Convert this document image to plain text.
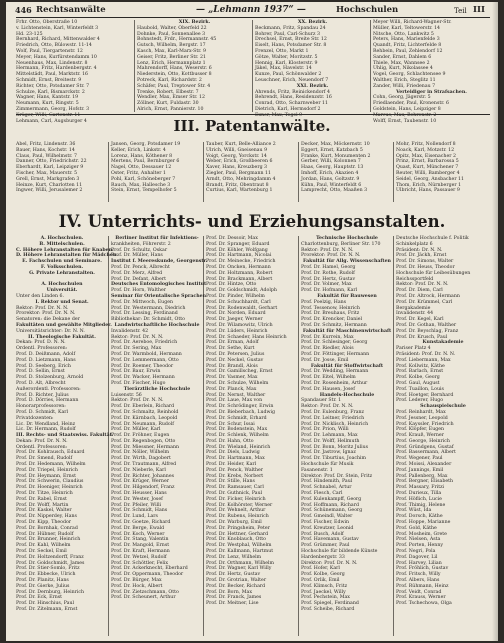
446 Rechtsanwälte	— „Lehmann 1937“ —	Hochschulen	Teil III
Frhr. Otto, Oberstraße 10
v. Lichtenstein, Karl, Winterfeldt 3
Hd. 23-125
Bernhard, Richard, Mittenwalder 4
Friedrich, Otto, Bülowstr. 11-14
Wolf, Paul, Tiergartenstr. 12
Meyer, Hans, Kurfürstendamm 10
Neuenhaus, Max, Lindenstr. 8
Hermann, Fritz, Hardenbergstr. 4
Mittelstädt, Paul, Marktstr. 16
Schmidt, Ernst, Breitestr. 9
Richter, Otto, Potsdamer Str. 7
Schulze, Karl, Bismarckstr. 2
Wagner, Hans, Kantstr. 19
Neumann, Kurt, Ringstr. 5
Zimmermann, Georg, Hofstr. 3
Krüger, Willi, Gartenstr. 11
Lehmann, Carl, Augsburger 4
XIX. Bezirk.
Haubold, Walter, Oberfeld 22
Dohnke, Paul, Sonnenallee 3
Bohnstedt, Frdr., Hermannstr. 45
Gutsch, Wilhelm, Bergstr. 17
Kasch, Max, Karl-Marx-Str. 9
Geiser, Fritz, Berliner Str. 21
Lenz, Erich, Hermannplatz 1
Mahrendorff, Hans, Weserstr. 6
Niederstein, Otto, Kottbusser 8
Potreck, Karl, Richardstr. 2
Schäfer, Paul, Treptower Str. 4
Trenke, Robert, Elbestr. 7
Wendler, Max, Emser Str. 12
Zöllner, Kurt, Fuldastr. 30
Alrich, Ernst, Pannierstr. 10
XX. Bezirk.
Beckmann, Fritz, Spandau 24
Bohrer, Paul, Carl-Schurz 3
Drechsel, Ernst, Breite Str. 12
Eiselt, Hans, Potsdamer Str. 8
Frenzel, Otto, Markt 1
Götze, Walter, Moritzstr. 5
Hennig, Karl, Klosterstr. 9
Jäkel, Max, Havelstr. 14
Kunze, Paul, Schönwalder 2
Leuschner, Erich, Neuendorf 7
XXI. Bezirk.
Ahrends, Fritz, Reinickendorf 4
Behrendt, Hans, Residenzstr. 16
Conrad, Otto, Scharnweber 11
Dietrich, Karl, Hermsdorf 2
Exner, Max, Tegel 9
Meyer Willi, Richard-Wagner-Str.
Müller, Karl, Teltowerstr. 14
Nitsche, Otto, Lankwitz 5
Peters, Hans, Marienfelde 3
Quandt, Fritz, Lichterfelde 8
Rehbein, Paul, Zehlendorf 12
Sander, Ernst, Dahlem 6
Thiele, Max, Wannsee 2
Uhlig, Kurt, Nikolassee 4
Vogel, Georg, Schlachtensee 9
Walther, Erich, Steglitz 11
Zander, Willi, Friedenau 7
Verteidiger in Strafsachen.
Cohn, Georg, Jägerstr. 5
Friedlaender, Paul, Kronenstr. 6
Goldstein, Hans, Leipziger 8
Marcus, Max, Behrenstr. 2
Wolff, Ernst, Taubenstr. 10
III. Patentanwälte.
Abel, Fritz, Lindenstr. 36
Bauer, Hans, Kochstr. 14
Claus, Paul, Wilhelmstr. 7
Danner, Otto, Friedrichstr. 22
Eberhardt, Karl, Leipziger 9
Fischer, Max, Mauerstr. 5
Grell, Ernst, Markgrafen 3
Heinze, Kurt, Charlotten 11
Ingwer, Willi, Jerusalemer 2
Jansen, Georg, Potsdamer 19
Keller, Erich, Linkstr. 4
Lorenz, Hans, Köthener 8
Mertens, Paul, Bernburger 6
Nagel, Otto, Dessauer 12
Oster, Fritz, Anhalter 1
Pohl, Karl, Schöneberger 7
Rauch, Max, Hallesche 3
Stein, Ernst, Tempelhofer 5
Tauber, Kurt, Belle-Alliance 2
Ulrich, Willi, Gneisenau 9
Voigt, Georg, Yorckstr. 14
Weber, Erich, Großbeeren 6
Xaver, Hans, Kreuzberg 3
Ziegler, Paul, Bergmann 11
Arndt, Otto, Mehringdamm 4
Brandt, Fritz, Obentraut 8
Curtius, Karl, Wartenburg 1
Decker, Max, Möckernstr. 10
Eggert, Ernst, Katzbach 5
Franke, Kurt, Monumenten 2
Gerber, Willi, Kolonnen 7
Haas, Georg, Hauptstr. 13
Imhoff, Erich, Akazien 4
Jordan, Hans, Goltzstr. 9
Kühn, Paul, Winterfeldt 6
Lamprecht, Otto, Maaßen 3
Mohr, Fritz, Nollendorf 8
Noack, Karl, Motzstr. 12
Opitz, Max, Eisenacher 2
Prinz, Ernst, Barbarossa 5
Quast, Kurt, Münchener 7
Reuter, Willi, Bamberger 4
Seidel, Georg, Ansbacher 11
Thom, Erich, Nürnberger 1
Ulbricht, Hans, Passauer 9
IV. Unterrichts- und Erziehungsanstalten.
A. Hochschulen.
B. Mittelschulen.
C. Höhere Lehranstalten für Knaben.
D. Höhere Lehranstalten für Mädchen.
E. Fachschulen und Seminare.
F. Volksschulen.
G. Private Lehranstalten.
A. Hochschulen
Universität.
Unter den Linden 6.
I. Rektor und Senat.
Rektor: Prof. Dr. N. N.
Prorektor: Prof. Dr. N. N.
Senatoren: die Dekane der
Fakultäten und gewählte Mitglieder.
Universitätsrichter: Dr. N. N.
II. Theologische Fakultät.
Dekan: Prof. D. N. N.
Ordentl. Professoren:
Prof. D. Deißmann, Adolf
Prof. D. Lietzmann, Hans
Prof. D. Seeberg, Erich
Prof. D. Sellin, Ernst
Prof. D. Stolzenburg, Arnold
Prof. D. Alt, Albrecht
Außerordentl. Professoren:
Prof. D. Richter, Julius
Prof. D. Dörries, Hermann
Honorarprofessoren:
Prof. D. Schmidt, Karl
Privatdozenten:
Lic. Dr. Wendland, Heinz
Lic. Dr. Hermann, Rudolf
III. Rechts- und Staatswiss. Fakultät.
Dekan: Prof. Dr. N. N.
Ordentl. Professoren:
Prof. Dr. Kohlrausch, Eduard
Prof. Dr. Smend, Rudolf
Prof. Dr. Hedemann, Wilhelm
Prof. Dr. Triepel, Heinrich
Prof. Dr. Heymann, Ernst
Prof. Dr. Schwerin, Claudius
Prof. Dr. Hoeniger, Heinrich
Prof. Dr. Titze, Heinrich
Prof. Dr. Rabel, Ernst
Prof. Dr. Wolff, Martin
Prof. Dr. Kaskel, Walter
Prof. Dr. Nipperdey, Hans
Prof. Dr. Kipp, Theodor
Prof. Dr. Bornhak, Conrad
Prof. Dr. Hübner, Rudolf
Prof. Dr. Brunner, Heinrich
Prof. Dr. Kahl, Wilhelm
Prof. Dr. Seckel, Emil
Prof. Dr. Holtzendorff, Franz
Prof. Dr. Goldschmidt, James
Prof. Dr. Stier-Somlo, Fritz
Prof. Dr. Ebbecke, Ulrich
Prof. Dr. Planitz, Hans
Prof. Dr. Gierke, Julius
Prof. Dr. Dernburg, Heinrich
Prof. Dr. Eck, Ernst
Prof. Dr. Hinschius, Paul
Prof. Dr. Zitelmann, Ernst
Berliner Institut für Infektions-
krankheiten, Föhrerstr. 2
Prof. Dr. Schultz, Oskar
Prof. Dr. Müller, Hans
Institut f. Meereskunde, Georgenstr.
Prof. Dr. Penck, Albrecht
Prof. Dr. Merz, Alfred
Prof. Dr. Defant, Albert
Deutsches Entomologisches Institut
Prof. Dr. Horn, Walther
Seminar für Orientalische Sprachen
Prof. Dr. Mittwoch, Eugen
Prof. Dr. Westermann, Diedrich
Prof. Dr. Lessing, Ferdinand
Bibliothekar: Dr. Schmidt, Otto
Landwirtschaftliche Hochschule
Invalidenstr. 42
Rektor: Prof. Dr. N. N.
Prof. Dr. Aereboe, Friedrich
Prof. Dr. Sering, Max
Prof. Dr. Warmbold, Hermann
Prof. Dr. Lemmermann, Otto
Prof. Dr. Roemer, Theodor
Prof. Dr. Baur, Erwin
Prof. Dr. Wacker, Hermann
Prof. Dr. Fischer, Hugo
Tierärztliche Hochschule
Luisenstr. 56
Rektor: Prof. Dr. N. N.
Prof. Dr. Eberlein, Richard
Prof. Dr. Schmaltz, Reinhold
Prof. Dr. Kärnbach, Leopold
Prof. Dr. Neumann, Rudolf
Prof. Dr. Müller, Karl
Prof. Dr. Fröhner, Eugen
Prof. Dr. Regenbogen, Otto
Prof. Dr. Miessner, Hermann
Prof. Dr. Nöller, Wilhelm
Prof. Dr. Wirth, Dagobert
Prof. Dr. Trautmann, Alfred
Prof. Dr. Nieberle, Karl
Prof. Dr. Richter, Johannes
Prof. Dr. Krüger, Werner
Prof. Dr. Hilgendorf, Franz
Prof. Dr. Heusser, Hans
Prof. Dr. Wester, Josef
Prof. Dr. Pfeiler, Willi
Prof. Dr. Schmidt, Hans
Prof. Dr. Lund, Lars
Prof. Dr. Goetze, Richard
Prof. Dr. Berge, Ewald
Prof. Dr. Koch, Werner
Prof. Dr. Stang, Valentin
Prof. Dr. Mangold, Ernst
Prof. Dr. Kraft, Hermann
Prof. Dr. Wetzel, Rudolf
Prof. Dr. Schöttler, Felix
Prof. Dr. Ackerknecht, Eberhard
Prof. Dr. Oppermann, Theodor
Prof. Dr. Bürger, Max
Prof. Dr. Hock, Albert
Prof. Dr. Zietzschmann, Otto
Prof. Dr. Scheunert, Arthur
Prof. Dr. Dessoir, Max
Prof. Dr. Spranger, Eduard
Prof. Dr. Köhler, Wolfgang
Prof. Dr. Hartmann, Nicolai
Prof. Dr. Meinecke, Friedrich
Prof. Dr. Oncken, Hermann
Prof. Dr. Holtzmann, Robert
Prof. Dr. Brackmann, Albert
Prof. Dr. Hintze, Otto
Prof. Dr. Goldschmidt, Adolph
Prof. Dr. Pinder, Wilhelm
Prof. Dr. Schuchhardt, Carl
Prof. Dr. Rodenwaldt, Gerhart
Prof. Dr. Norden, Eduard
Prof. Dr. Jaeger, Werner
Prof. Dr. Wilamowitz, Ulrich
Prof. Dr. Lüders, Heinrich
Prof. Dr. Schaeder, Hans Heinrich
Prof. Dr. Erman, Adolf
Prof. Dr. Sethe, Kurt
Prof. Dr. Petersen, Julius
Prof. Dr. Neckel, Gustav
Prof. Dr. Brandl, Alois
Prof. Dr. Gamillscheg, Ernst
Prof. Dr. Vasmer, Max
Prof. Dr. Schulze, Wilhelm
Prof. Dr. Planck, Max
Prof. Dr. Nernst, Walther
Prof. Dr. Laue, Max von
Prof. Dr. Schrödinger, Erwin
Prof. Dr. Bieberbach, Ludwig
Prof. Dr. Schmidt, Erhard
Prof. Dr. Schur, Issai
Prof. Dr. Bodenstein, Max
Prof. Dr. Schlenk, Wilhelm
Prof. Dr. Hahn, Otto
Prof. Dr. Wieland, Heinrich
Prof. Dr. Diels, Ludwig
Prof. Dr. Hartmann, Max
Prof. Dr. Heider, Karl
Prof. Dr. Penck, Walther
Prof. Dr. Krebs, Norbert
Prof. Dr. Stille, Hans
Prof. Dr. Ramsauer, Carl
Prof. Dr. Guthnick, Paul
Prof. Dr. Ficker, Heinrich
Prof. Dr. Kolhörster, Werner
Prof. Dr. Wehnelt, Arthur
Prof. Dr. Rubens, Heinrich
Prof. Dr. Warburg, Emil
Prof. Dr. Pringsheim, Peter
Prof. Dr. Hettner, Gerhard
Prof. Dr. Knoblauch, Otto
Prof. Dr. Westphal, Wilhelm
Prof. Dr. Kallmann, Hartmut
Prof. Dr. Lenz, Wilhelm
Prof. Dr. Orthmann, Wilhelm
Prof. Dr. Wagner, Karl Willy
Prof. Dr. Hertz, Gustav
Prof. Dr. Grotrian, Walter
Prof. Dr. Becker, Richard
Prof. Dr. Born, Max
Prof. Dr. Franck, James
Prof. Dr. Meitner, Lise
Technische Hochschule
Charlottenburg, Berliner Str. 170
Rektor: Prof. Dr. N. N.
Prorektor: Prof. Dr. N. N.
Fakultät für Allg. Wissenschaften
Prof. Dr. Hamel, Georg
Prof. Dr. Rothe, Rudolf
Prof. Dr. Hertz, Gustav
Prof. Dr. Volmer, Max
Prof. Dr. Hofmann, Karl
Fakultät für Bauwesen
Prof. Poelzig, Hans
Prof. Tessenow, Heinrich
Prof. Dr. Breuhaus, Fritz
Prof. Dr. Krencker, Daniel
Prof. Dr. Schmitz, Hermann
Fakultät für Maschinenwirtschaft
Prof. Dr. Kurrein, Max
Prof. Dr. Schlesinger, Georg
Prof. Dr. Riedler, Alois
Prof. Dr. Föttinger, Hermann
Prof. Dr. Josse, Emil
Fakultät für Stoffwirtschaft
Prof. Dr. Wedding, Hermann
Prof. Dr. Eitel, Wilhelm
Prof. Dr. Rosenheim, Arthur
Prof. Dr. Hausen, Josef
Handels-Hochschule
Spandauer Str. 1
Rektor: Prof. Dr. N. N.
Prof. Dr. Eulenburg, Franz
Prof. Dr. Leitner, Friedrich
Prof. Dr. Nicklisch, Heinrich
Prof. Dr. Prion, Willi
Prof. Dr. Lehmann, Max
Prof. Dr. Wolff, Hellmuth
Prof. Dr. Bonn, Moritz Julius
Prof. Dr. Jastrow, Ignaz
Prof. Dr. Tiburtius, Joachim
Hochschule für Musik
Fasanenstr. 1
Direktor: Prof. Dr. Stein, Fritz
Prof. Hindemith, Paul
Prof. Schnabel, Artur
Prof. Flesch, Carl
Prof. Kulenkampff, Georg
Prof. Hoffmann, Richard
Prof. Schünemann, Georg
Prof. Gmeindl, Walter
Prof. Fischer, Edwin
Prof. Kreutzer, Leonid
Prof. Busch, Adolf
Prof. Havemann, Gustav
Prof. Grümmer, Paul
Hochschule für bildende Künste
Hardenbergstr. 33
Direktor: Prof. Dr. N. N.
Prof. Hofer, Karl
Prof. Kolbe, Georg
Prof. Orlik, Emil
Prof. Klimsch, Fritz
Prof. Jaeckel, Willy
Prof. Pechstein, Max
Prof. Spiegel, Ferdinand
Prof. Scheibe, Richard
Deutsche Hochschule f. Politik
Schinkelplatz 6
Präsident: Dr. N. N.
Prof. Dr. Jäckh, Ernst
Prof. Dr. Simons, Walter
Prof. Dr. Heuss, Theodor
Hochschule für Leibesübungen
Reichssportfeld
Rektor: Prof. Dr. N. N.
Prof. Dr. Diem, Carl
Prof. Dr. Altrock, Hermann
Prof. Dr. Krümmel, Carl
Bergakademie
Invalidenstr. 44
Prof. Dr. Kegel, Karl
Prof. Dr. Gothan, Walther
Prof. Dr. Beyschlag, Franz
Prof. Dr. Krusch, Paul
Kunstakademie
Pariser Platz 4
Präsident: Prof. Dr. N. N.
Prof. Liebermann, Max
Prof. Kollwitz, Käthe
Prof. Barlach, Ernst
Prof. Kolbe, Georg
Prof. Gaul, August
Prof. Tuaillon, Louis
Prof. Hoetger, Bernhard
Prof. Lederer, Hugo
Schauspielschule
Prof. Reinhardt, Max
Prof. Jessner, Leopold
Prof. Kayssler, Friedrich
Prof. Klöpfer, Eugen
Prof. Krauß, Werner
Prof. George, Heinrich
Prof. Gründgens, Gustaf
Prof. Bassermann, Albert
Prof. Wegener, Paul
Prof. Moissi, Alexander
Prof. Jannings, Emil
Prof. Pallenberg, Max
Prof. Bergner, Elisabeth
Prof. Massary, Fritzi
Prof. Durieux, Tilla
Prof. Höflich, Lucie
Prof. Thimig, Helene
Prof. Wüst, Ida
Prof. Dorsch, Käthe
Prof. Hoppe, Marianne
Prof. Gold, Käthe
Prof. Mosheim, Grete
Prof. Nielsen, Asta
Prof. Porten, Henny
Prof. Negri, Pola
Prof. Dagover, Lil
Prof. Harvey, Lilian
Prof. Fröhlich, Gustav
Prof. Fritsch, Willy
Prof. Albers, Hans
Prof. Rühmann, Heinz
Prof. Veidt, Conrad
Prof. Krauss, Werner
Prof. Tschechowa, Olga
